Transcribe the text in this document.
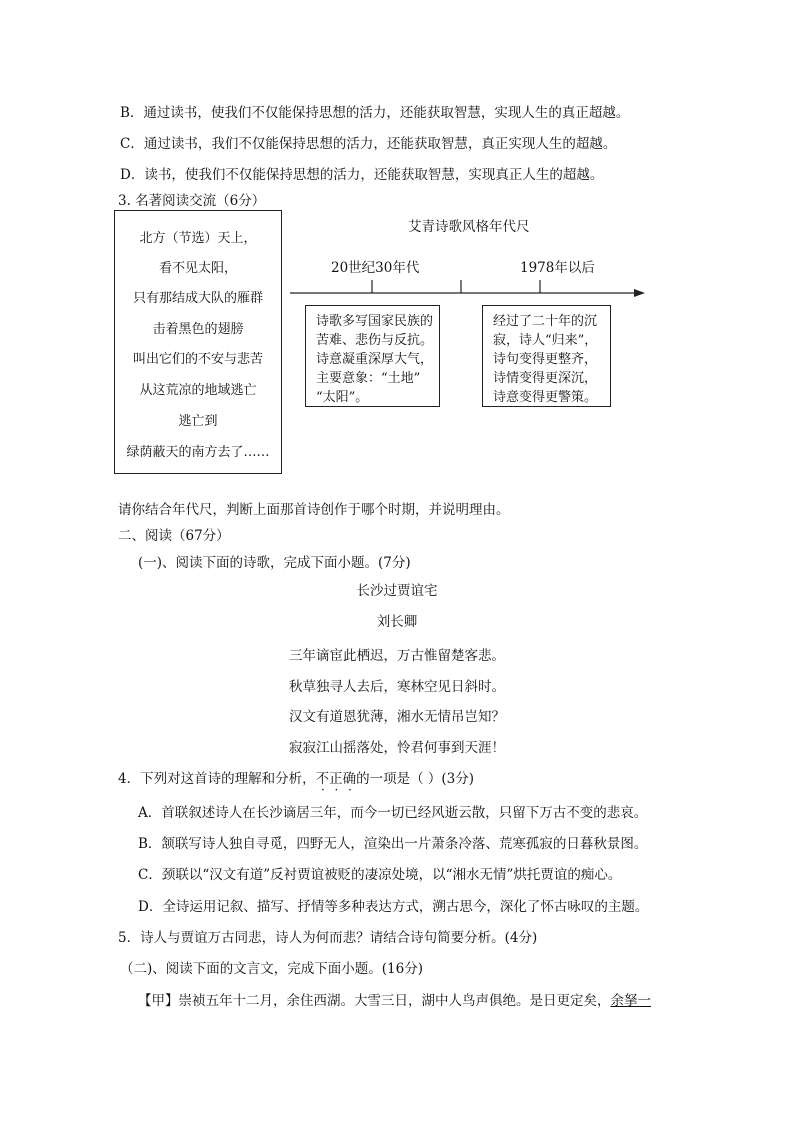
B．通过读书，使我们不仅能保持思想的活力，还能获取智慧，实现人生的真正超越。
C．通过读书，我们不仅能保持思想的活力，还能获取智慧，真正实现人生的超越。
D．读书，使我们不仅能保持思想的活力，还能获取智慧，实现真正人生的超越。
3. 名著阅读交流（6分）
北方（节选）天上，
看不见太阳，
只有那结成大队的雁群
击着黑色的翅膀
叫出它们的不安与悲苦
从这荒凉的地域逃亡
逃亡到
绿荫蔽天的南方去了……
艾青诗歌风格年代尺
20世纪30年代	1978年以后
诗歌多写国家民族的
苦难、悲伤与反抗。
诗意凝重深厚大气，
主要意象：“土地”
“太阳”。
经过了二十年的沉
寂，诗人“归来”，
诗句变得更整齐，
诗情变得更深沉，
诗意变得更警策。
请你结合年代尺，判断上面那首诗创作于哪个时期，并说明理由。
二、阅读（67分）
(一)、阅读下面的诗歌，完成下面小题。(7分)
长沙过贾谊宅
刘长卿
三年谪宦此栖迟，万古惟留楚客悲。
秋草独寻人去后，寒林空见日斜时。
汉文有道恩犹薄，湘水无情吊岂知？
寂寂江山摇落处，怜君何事到天涯！
4．下列对这首诗的理解和分析，不正确的一项是（ ）(3分)
A．首联叙述诗人在长沙谪居三年，而今一切已经风逝云散，只留下万古不变的悲哀。
B．颔联写诗人独自寻觅，四野无人，渲染出一片萧条冷落、荒寒孤寂的日暮秋景图。
C．颈联以“汉文有道”反衬贾谊被贬的凄凉处境，以“湘水无情”烘托贾谊的痴心。
D．全诗运用记叙、描写、抒情等多种表达方式，溯古思今，深化了怀古咏叹的主题。
5．诗人与贾谊万古同悲，诗人为何而悲？请结合诗句简要分析。(4分)
（二)、阅读下面的文言文，完成下面小题。(16分)
【甲】崇祯五年十二月，余住西湖。大雪三日，湖中人鸟声俱绝。是日更定矣，余拏一
